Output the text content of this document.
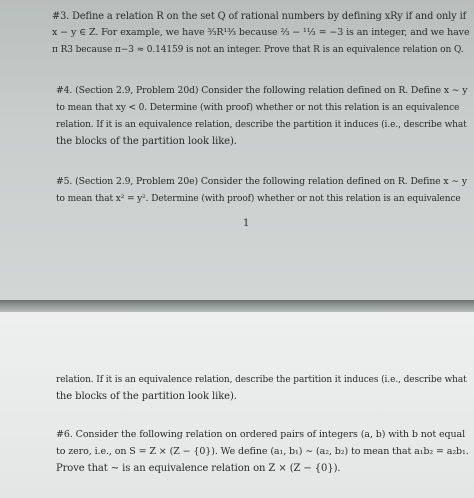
#3. Define a relation R on the set Q of rational numbers by defining xRy if and only if
x − y ∈ Z. For example, we have ³⁄₃R¹³⁄₃ because ²⁄₃ − ¹¹⁄₃ = −3 is an integer, and we have
π R3 because π−3 ≈ 0.14159 is not an integer. Prove that R is an equivalence relation on Q.
#4. (Section 2.9, Problem 20d) Consider the following relation defined on R. Define x ∼ y
to mean that xy < 0. Determine (with proof) whether or not this relation is an equivalence
relation. If it is an equivalence relation, describe the partition it induces (i.e., describe what
the blocks of the partition look like).
#5. (Section 2.9, Problem 20e) Consider the following relation defined on R. Define x ∼ y
to mean that x² = y². Determine (with proof) whether or not this relation is an equivalence
1
relation. If it is an equivalence relation, describe the partition it induces (i.e., describe what
the blocks of the partition look like).
#6. Consider the following relation on ordered pairs of integers (a, b) with b not equal
to zero, i.e., on S = Z × (Z − {0}). We define (a₁, b₁) ∼ (a₂, b₂) to mean that a₁b₂ = a₂b₁.
Prove that ∼ is an equivalence relation on Z × (Z − {0}).
